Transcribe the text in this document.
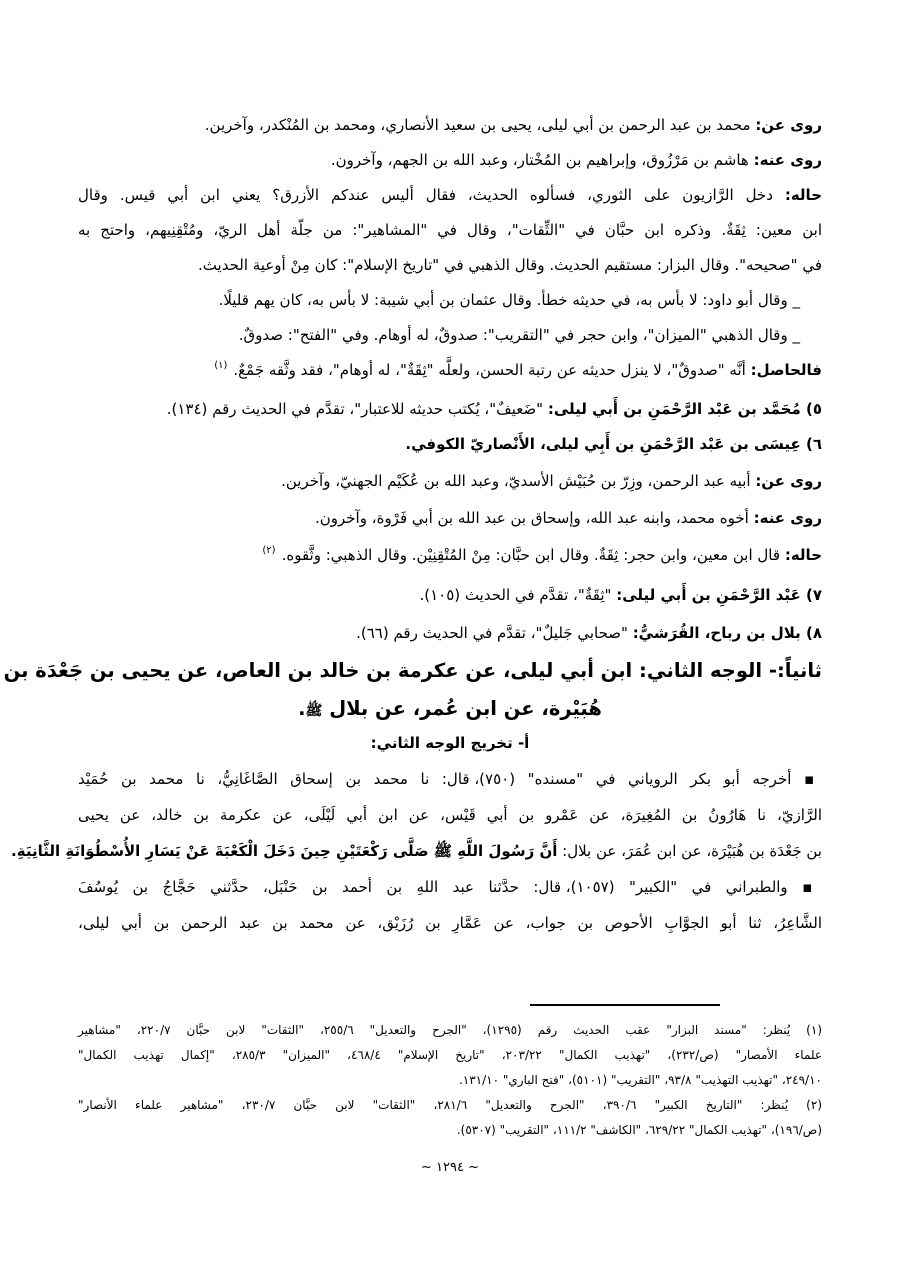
روى عن: محمد بن عبد الرحمن بن أبي ليلى، يحيى بن سعيد الأنصاري، ومحمد بن المُنْكدر، وآخرين.
روى عنه: هاشم بن مَرْزُوق، وإبراهيم بن المُخْتار، وعبد الله بن الجهم، وآخرون.
حاله: دخل الرَّازيون على الثوري، فسألوه الحديث، فقال أليس عندكم الأزرق؟ يعني ابن أبي قيس. وقال
ابن معين: ثِقَةٌ. وذكره ابن حبَّان في "الثِّقات"، وقال في "المشاهير": من جلّة أهل الريّ، ومُتْقِنِيهم، واحتج به
في "صحيحه". وقال البزار: مستقيم الحديث. وقال الذهبي في "تاريخ الإسلام": كان مِنْ أوعية الحديث.
_ وقال أبو داود: لا بأس به، في حديثه خطأ. وقال عثمان بن أبي شيبة: لا بأس به، كان يهم قليلًا.
_ وقال الذهبي "الميزان"، وابن حجر في "التقريب": صدوقٌ، له أوهام. وفي "الفتح": صدوقٌ.
فالحاصل: أنَّه "صدوقٌ"، لا ينزل حديثه عن رتبة الحسن، ولعلَّه "ثِقَةٌ"، له أوهام"، فقد وثَّقه جَمْعٌ.$^{(١)}$
٥) مُحَمَّد بن عَبْد الرَّحْمَنِ بن أَبي ليلى: "ضَعيفٌ"، يُكتب حديثه للاعتبار"، تقدَّم في الحديث رقم (١٣٤).
٦) عِيسَى بن عَبْد الرَّحْمَنِ بن أَبِي ليلى، الأَنْصاريّ الكوفي.
روى عن: أبيه عبد الرحمن، وزِرّ بن حُبَيْش الأسديّ، وعبد الله بن عُكَيْم الجهنيّ، وآخرين.
روى عنه: أخوه محمد، وابنه عبد الله، وإسحاق بن عبد الله بن أبي فَرْوة، وآخرون.
حاله: قال ابن معين، وابن حجر: ثِقَةٌ. وقال ابن حبَّان: مِنْ المُتْقِنِيْن. وقال الذهبي: وثَّقوه.$^{(٢)}$
٧) عَبْد الرَّحْمَنِ بن أَبي ليلى: "ثِقَةٌ"، تقدَّم في الحديث (١٠٥).
٨) بلال بن رباح، القُرَشيُّ: "صحابي جَليلٌ"، تقدَّم في الحديث رقم (٦٦).
ثانياً:- الوجه الثاني: ابن أبي ليلى، عن عكرمة بن خالد بن العاص، عن يحيى بن جَعْدَة بن
هُبَيْرة، عن ابن عُمر، عن بلال ﷺ.
أ- تخريج الوجه الثاني:
▪ أخرجه أبو بكر الروياني في "مسنده" (٧٥٠)، قال: نا محمد بن إسحاق الصَّاغَانِيُّ، نا محمد بن حُمَيْد
الرَّازيّ، نا هَارُونُ بن المُغِيرَة، عن عَمْرو بن أبي قَيْس، عن ابن أبي لَيْلَى، عن عكرمة بن خالد، عن يحيى
بن جَعْدَة بن هُبَيْرَة، عن ابن عُمَرَ، عن بلال: أَنَّ رَسُولَ اللَّهِ ﷺ صَلَّى رَكْعَتَيْنِ حِينَ دَخَلَ الْكَعْبَةَ عَنْ يَسَارِ الأُسْطُوَانَةِ الثَّانِيَةِ.
▪ والطبراني في "الكبير" (١٠٥٧)، قال: حدَّثنا عبد اللهِ بن أحمد بن حَنْبَل، حدَّثني حَجَّاجُ بن يُوسُفَ
الشَّاعِرُ، ثنا أبو الجوَّابِ الأحوص بن جواب، عن عَمَّارِ بن رُزَيْق، عن محمد بن عبد الرحمن بن أبي ليلى،
(١) يُنظر: "مسند البزار" عقب الحديث رقم (١٢٩٥)، "الجرح والتعديل" ٢٥٥/٦، "الثقات" لابن حبَّان ٢٢٠/٧، "مشاهير
علماء الأمصار" (ص/٢٣٢)، "تهذيب الكمال" ٢٠٣/٢٢، "تاريخ الإسلام" ٤٦٨/٤، "الميزان" ٢٨٥/٣، "إكمال تهذيب الكمال"
٢٤٩/١٠، "تهذيب التهذيب" ٩٣/٨، "التقريب" (٥١٠١)، "فتح الباري" ١٣١/١٠.
(٢) يُنظر: "التاريخ الكبير" ٣٩٠/٦، "الجرح والتعديل" ٢٨١/٦، "الثقات" لابن حبَّان ٢٣٠/٧، "مشاهير علماء الأنصار"
(ص/١٩٦)، "تهذيب الكمال" ٦٢٩/٢٢، "الكاشف" ١١١/٢، "التقريب" (٥٣٠٧).
~ ١٢٩٤ ~
